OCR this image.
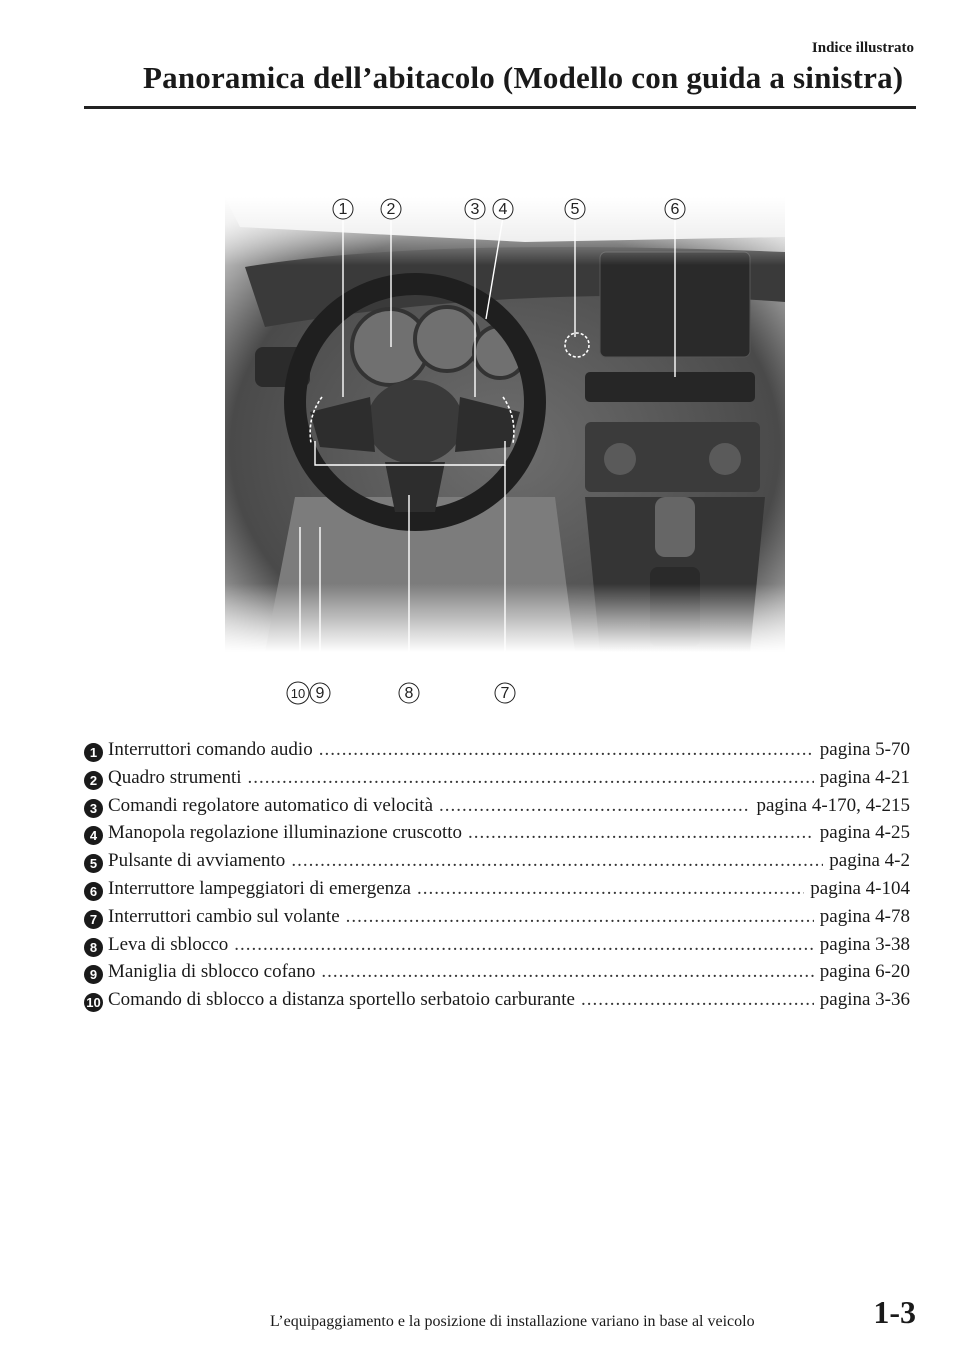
Indice illustrato
Panoramica dell’abitacolo (Modello con guida a sinistra)
1 2	3 4	5	6
7
8
9
10
1 Interruttori comando audio .....	pagina 5-70
2 Quadro strumenti .....	pagina 4-21
3 Comandi regolatore automatico di velocità .....	pagina 4-170, 4-215
4 Manopola regolazione illuminazione cruscotto .....	pagina 4-25
5 Pulsante di avviamento .....	pagina 4-2
6 Interruttore lampeggiatori di emergenza .....	pagina 4-104
7 Interruttori cambio sul volante .....	pagina 4-78
8 Leva di sblocco .....	pagina 3-38
9 Maniglia di sblocco cofano .....	pagina 6-20
10 Comando di sblocco a distanza sportello serbatoio carburante .....	pagina 3-36
L’equipaggiamento e la posizione di installazione variano in base al veicolo	1-3
